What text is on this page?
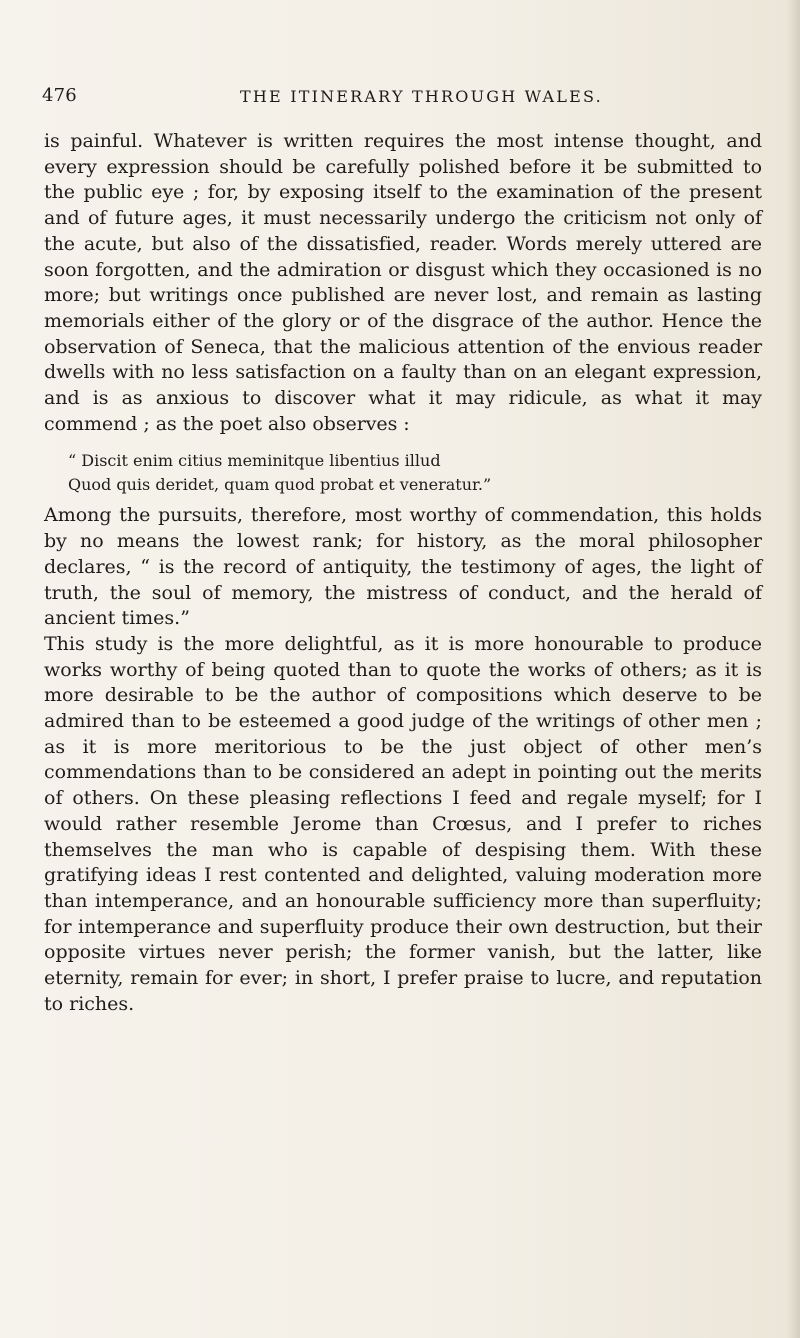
476	THE ITINERARY THROUGH WALES.

is painful. Whatever is written requires the most intense thought, and every expression should be carefully polished before it be submitted to the public eye ; for, by exposing itself to the examination of the present and of future ages, it must necessarily undergo the criticism not only of the acute, but also of the dissatisfied, reader. Words merely uttered are soon forgotten, and the admiration or disgust which they occasioned is no more; but writings once published are never lost, and remain as lasting memorials either of the glory or of the disgrace of the author. Hence the observation of Seneca, that the malicious attention of the envious reader dwells with no less satisfaction on a faulty than on an elegant expression, and is as anxious to discover what it may ridicule, as what it may commend ; as the poet also observes :

“ Discit enim citius meminitque libentius illud
Quod quis deridet, quam quod probat et veneratur.”

Among the pursuits, therefore, most worthy of commendation, this holds by no means the lowest rank; for history, as the moral philosopher declares, “ is the record of antiquity, the testimony of ages, the light of truth, the soul of memory, the mistress of conduct, and the herald of ancient times.”

This study is the more delightful, as it is more honourable to produce works worthy of being quoted than to quote the works of others; as it is more desirable to be the author of compositions which deserve to be admired than to be esteemed a good judge of the writings of other men ; as it is more meritorious to be the just object of other men’s commendations than to be considered an adept in pointing out the merits of others. On these pleasing reflections I feed and regale myself; for I would rather resemble Jerome than Crœsus, and I prefer to riches themselves the man who is capable of despising them. With these gratifying ideas I rest contented and delighted, valuing moderation more than intemperance, and an honourable sufficiency more than superfluity; for intemperance and superfluity produce their own destruction, but their opposite virtues never perish; the former vanish, but the latter, like eternity, remain for ever; in short, I prefer praise to lucre, and reputation to riches.
